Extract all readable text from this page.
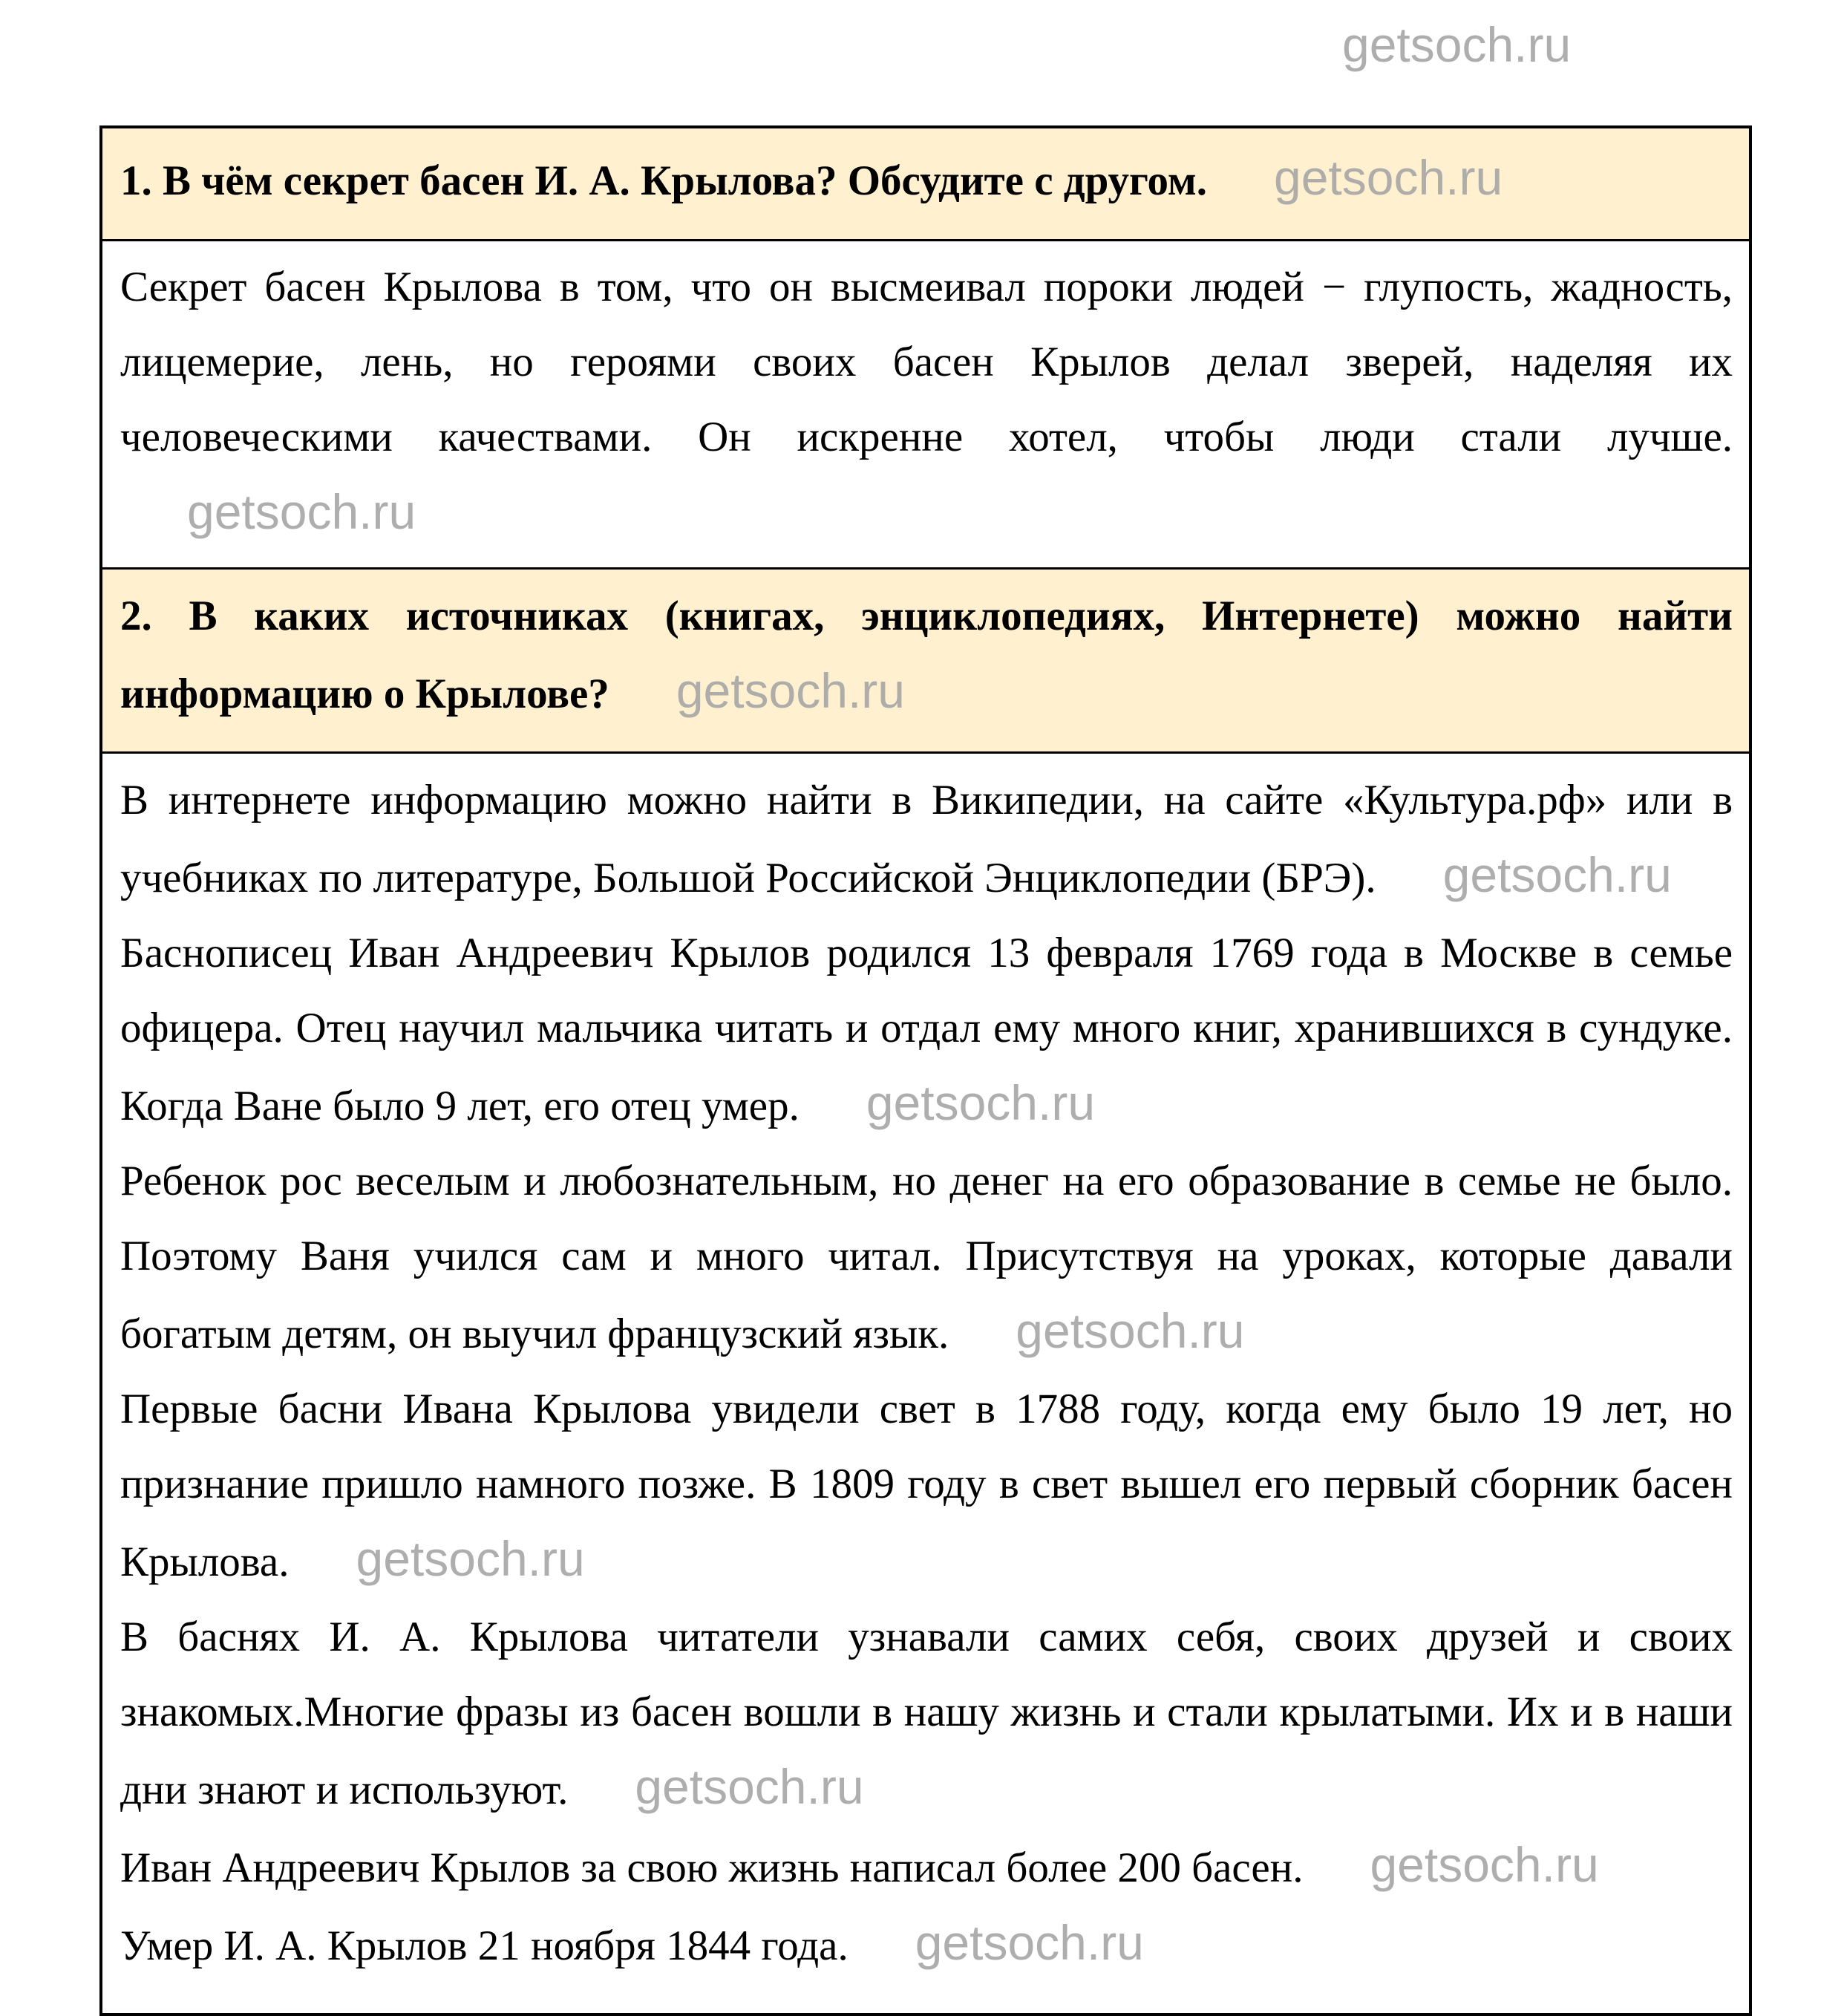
getsoch.ru

1. В чём секрет басен И. А. Крылова? Обсудите с другом. getsoch.ru

Секрет басен Крылова в том, что он высмеивал пороки людей − глупость, жадность, лицемерие, лень, но героями своих басен Крылов делал зверей, наделяя их человеческими качествами. Он искренне хотел, чтобы люди стали лучше.getsoch.ru

2. В каких источниках (книгах, энциклопедиях, Интернете) можно найти информацию о Крылове? getsoch.ru

В интернете информацию можно найти в Википедии, на сайте «Культура.рф» или в учебниках по литературе, Большой Российской Энциклопедии (БРЭ). getsoch.ru

Баснописец Иван Андреевич Крылов родился 13 февраля 1769 года в Москве в семье офицера. Отец научил мальчика читать и отдал ему много книг, хранившихся в сундуке. Когда Ване было 9 лет, его отец умер. getsoch.ru

Ребенок рос веселым и любознательным, но денег на его образование в семье не было. Поэтому Ваня учился сам и много читал. Присутствуя на уроках, которые давали богатым детям, он выучил французский язык. getsoch.ru

Первые басни Ивана Крылова увидели свет в 1788 году, когда ему было 19 лет, но признание пришло намного позже. В 1809 году в свет вышел его первый сборник басен Крылова. getsoch.ru

В баснях И. А. Крылова читатели узнавали самих себя, своих друзей и своих знакомых.Многие фразы из басен вошли в нашу жизнь и стали крылатыми. Их и в наши дни знают и используют. getsoch.ru

Иван Андреевич Крылов за свою жизнь написал более 200 басен. getsoch.ru

Умер И. А. Крылов 21 ноября 1844 года. getsoch.ru
